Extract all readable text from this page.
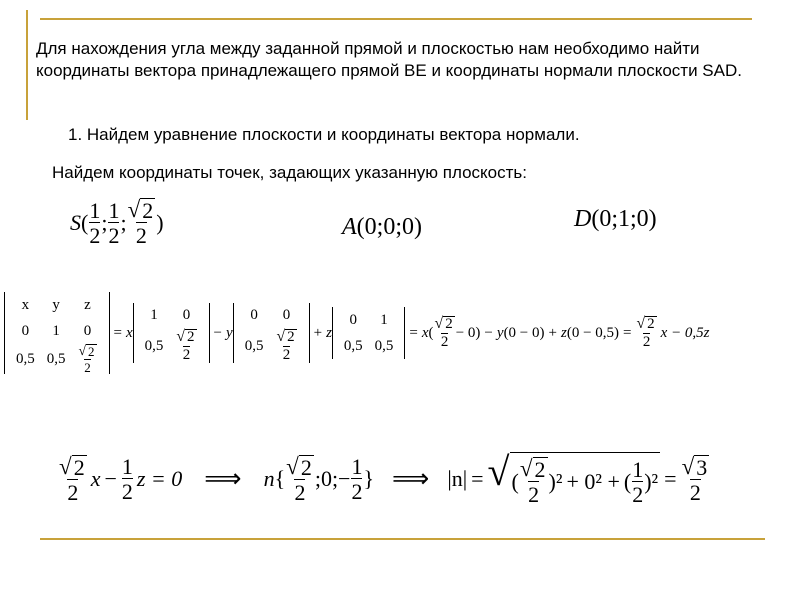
Для нахождения угла между заданной прямой и плоскостью нам необходимо найти координаты вектора принадлежащего прямой BE и координаты нормали плоскости SAD.
1. Найдем уравнение плоскости и координаты вектора нормали.
Найдем координаты точек, задающих указанную плоскость:
S ( $\frac{1}{2}$ ; $\frac{1}{2}$ ; $\frac{√ 2}{2}$ )	A (0;0;0)	D (0;1;0)
x	y	z
0	1	0
0,5	0,5	$\frac{√ 2}{2}$
= x
1	0
0,5	$\frac{√ 2}{2} - y$
0	0
0,5	$\frac{√ 2}{2} + z$
0	1
0,5	0,5
= x ( $\frac{√ 2}{2} - 0) - y$ (0 − 0) + z $(0 - 0,5) = \frac{√ 2}{2}$ x − 0,5z
$\frac{√ 2}{2}$ $x - \frac{1}{2}$ z = 0 ⟹ n { $\frac{√ 2}{2}$ ;0;− $\frac{1}{2}$ } ⟹ |n| = √ ( $\frac{√ 2}{2}$ ) ² + 0² + ( $\frac{1}{2}$ ) $^2 = \frac{√ 3}{2}$
